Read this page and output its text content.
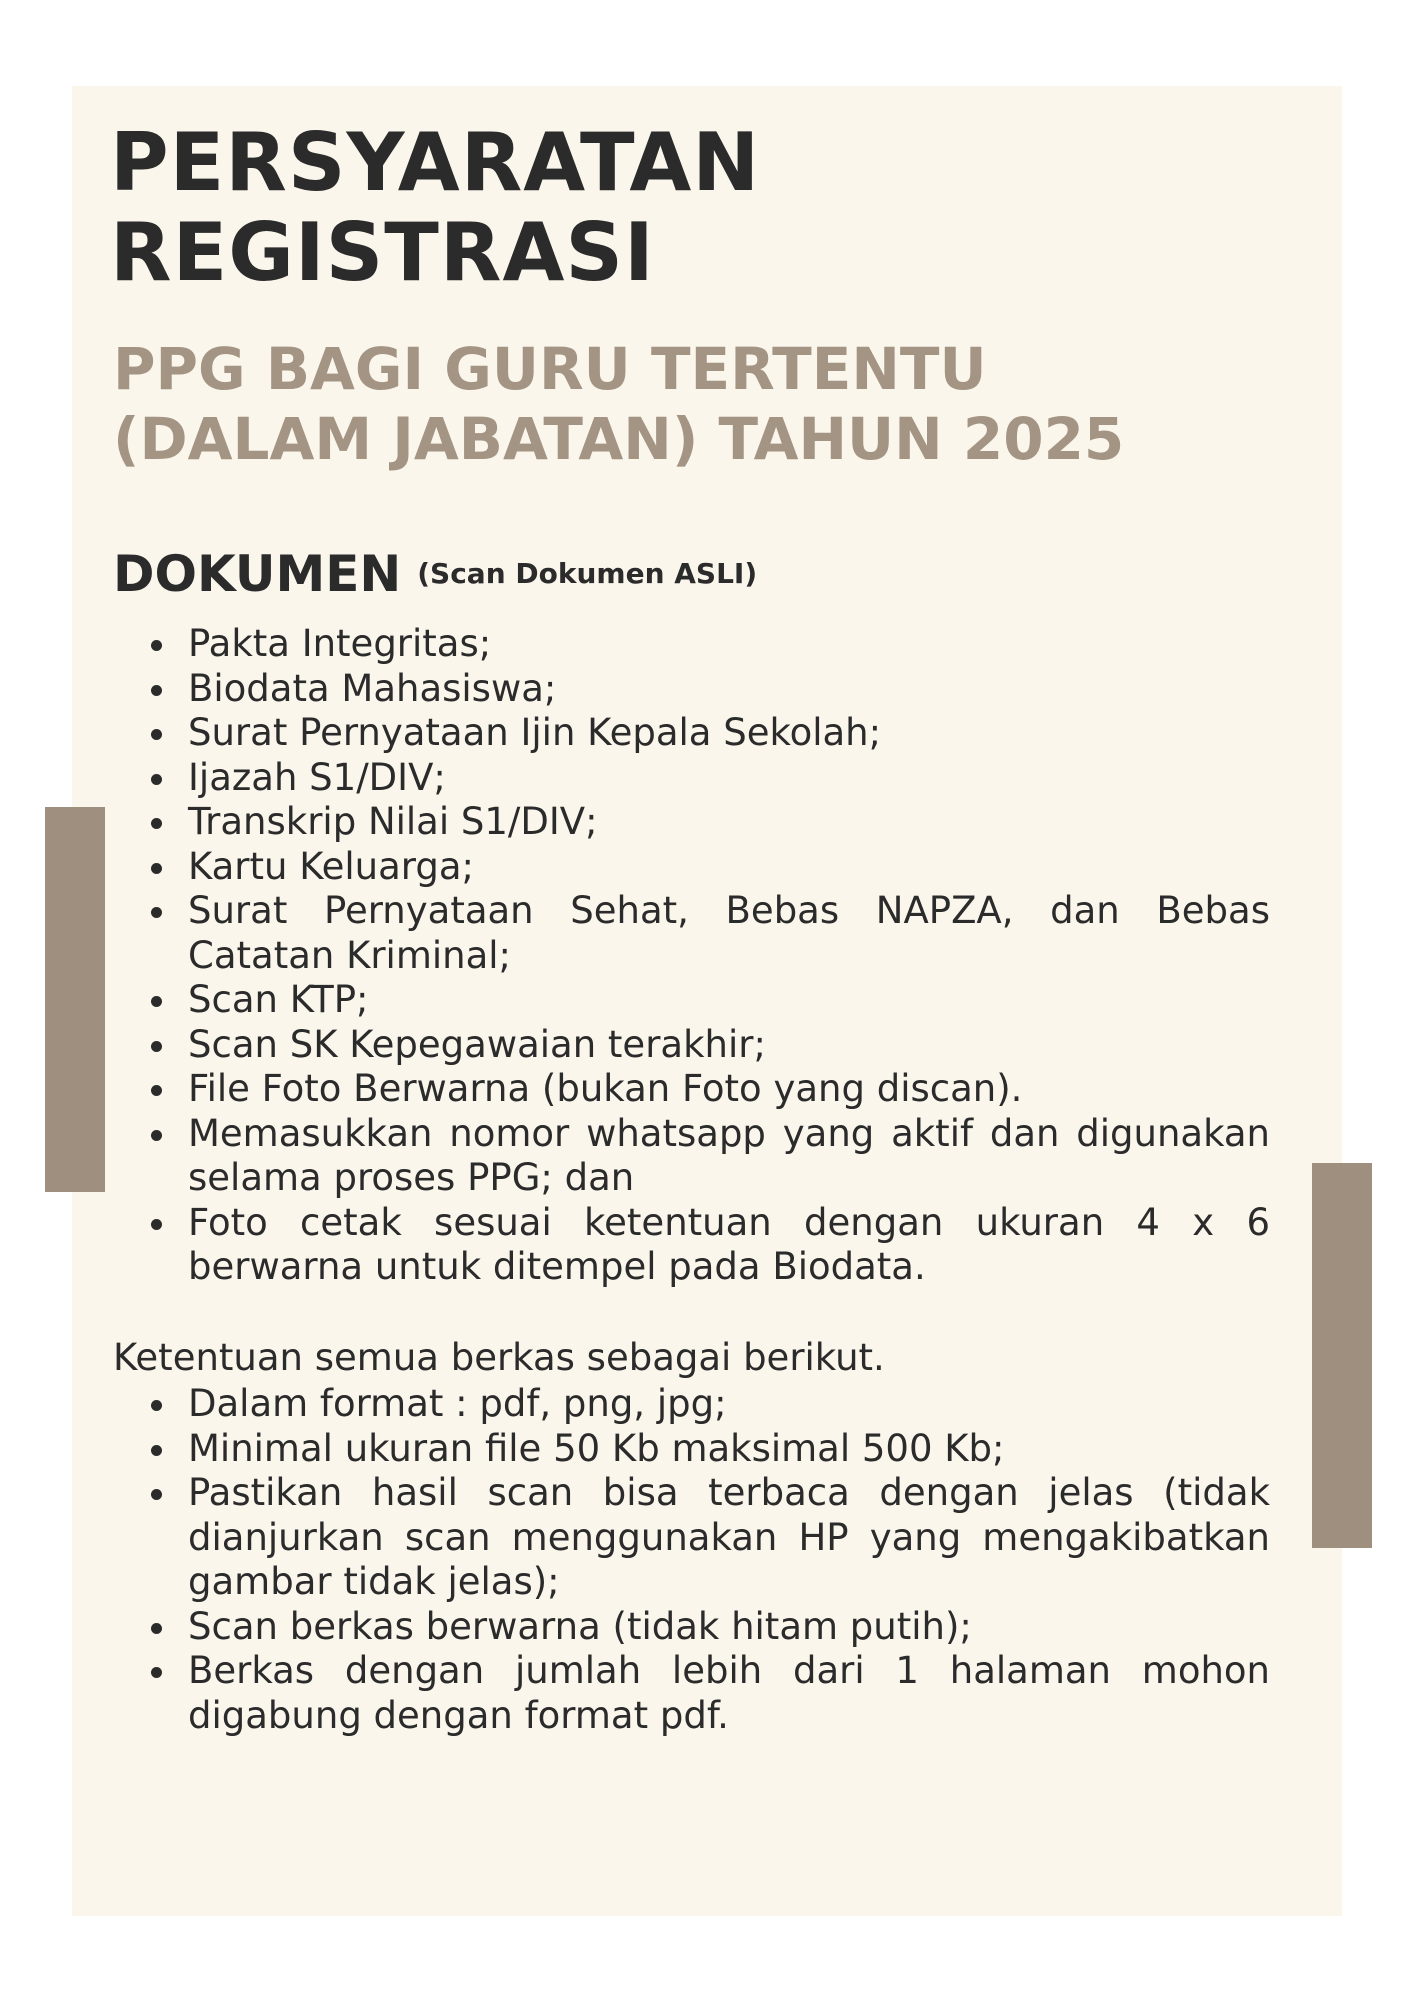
PERSYARATAN
REGISTRASI
PPG BAGI GURU TERTENTU
(DALAM JABATAN) TAHUN 2025
DOKUMEN (Scan Dokumen ASLI)
Pakta Integritas;
Biodata Mahasiswa;
Surat Pernyataan Ijin Kepala Sekolah;
Ijazah S1/DIV;
Transkrip Nilai S1/DIV;
Kartu Keluarga;
Surat Pernyataan Sehat, Bebas NAPZA, dan Bebas Catatan Kriminal;
Scan KTP;
Scan SK Kepegawaian terakhir;
File Foto Berwarna (bukan Foto yang discan).
Memasukkan nomor whatsapp yang aktif dan digunakan selama proses PPG; dan
Foto cetak sesuai ketentuan dengan ukuran 4 x 6 berwarna untuk ditempel pada Biodata.

Ketentuan semua berkas sebagai berikut.

Dalam format : pdf, png, jpg;
Minimal ukuran file 50 Kb maksimal 500 Kb;
Pastikan hasil scan bisa terbaca dengan jelas (tidak dianjurkan scan menggunakan HP yang mengakibatkan gambar tidak jelas);
Scan berkas berwarna (tidak hitam putih);
Berkas dengan jumlah lebih dari 1 halaman mohon digabung dengan format pdf.
